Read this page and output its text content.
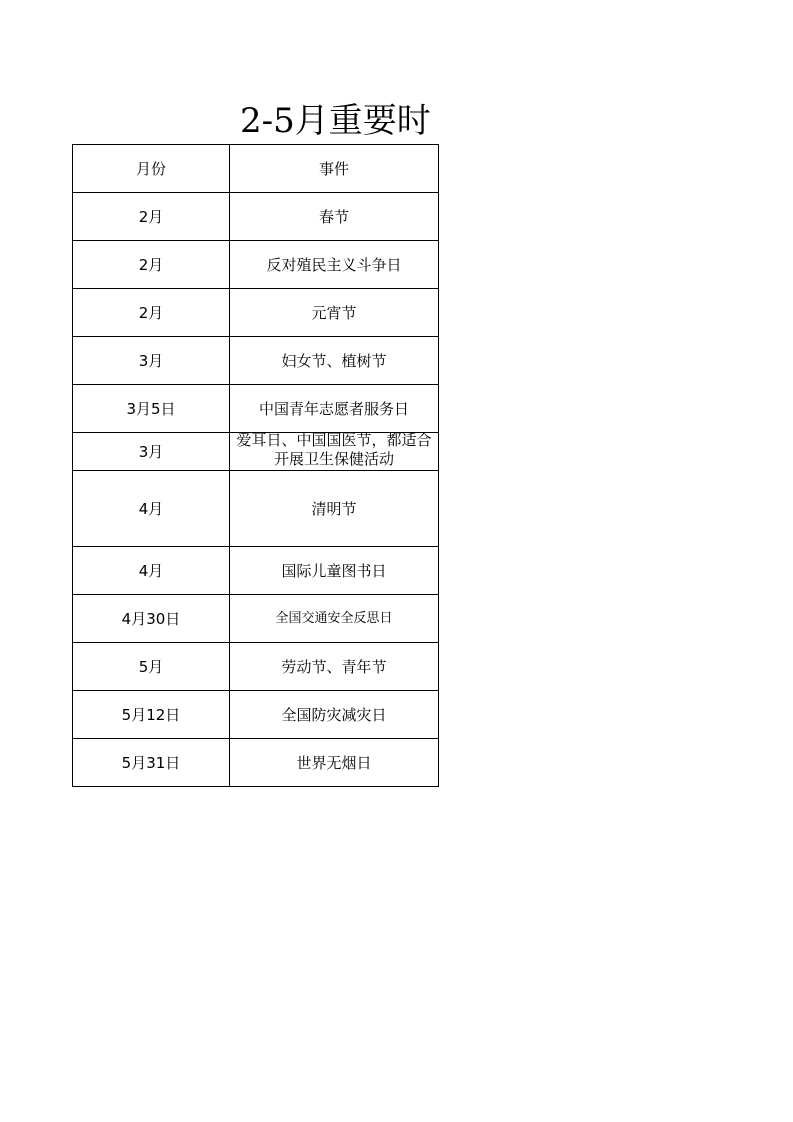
2-5月重要时
月份	事件
2月	春节
2月	反对殖民主义斗争日
2月	元宵节
3月	妇女节、植树节
3月5日	中国青年志愿者服务日
3月	爱耳日、中国国医节，都适合开展卫生保健活动

4月	清明节
4月	国际儿童图书日
4月30日	全国交通安全反思日
5月	劳动节、青年节
5月12日	全国防灾减灾日
5月31日	世界无烟日
